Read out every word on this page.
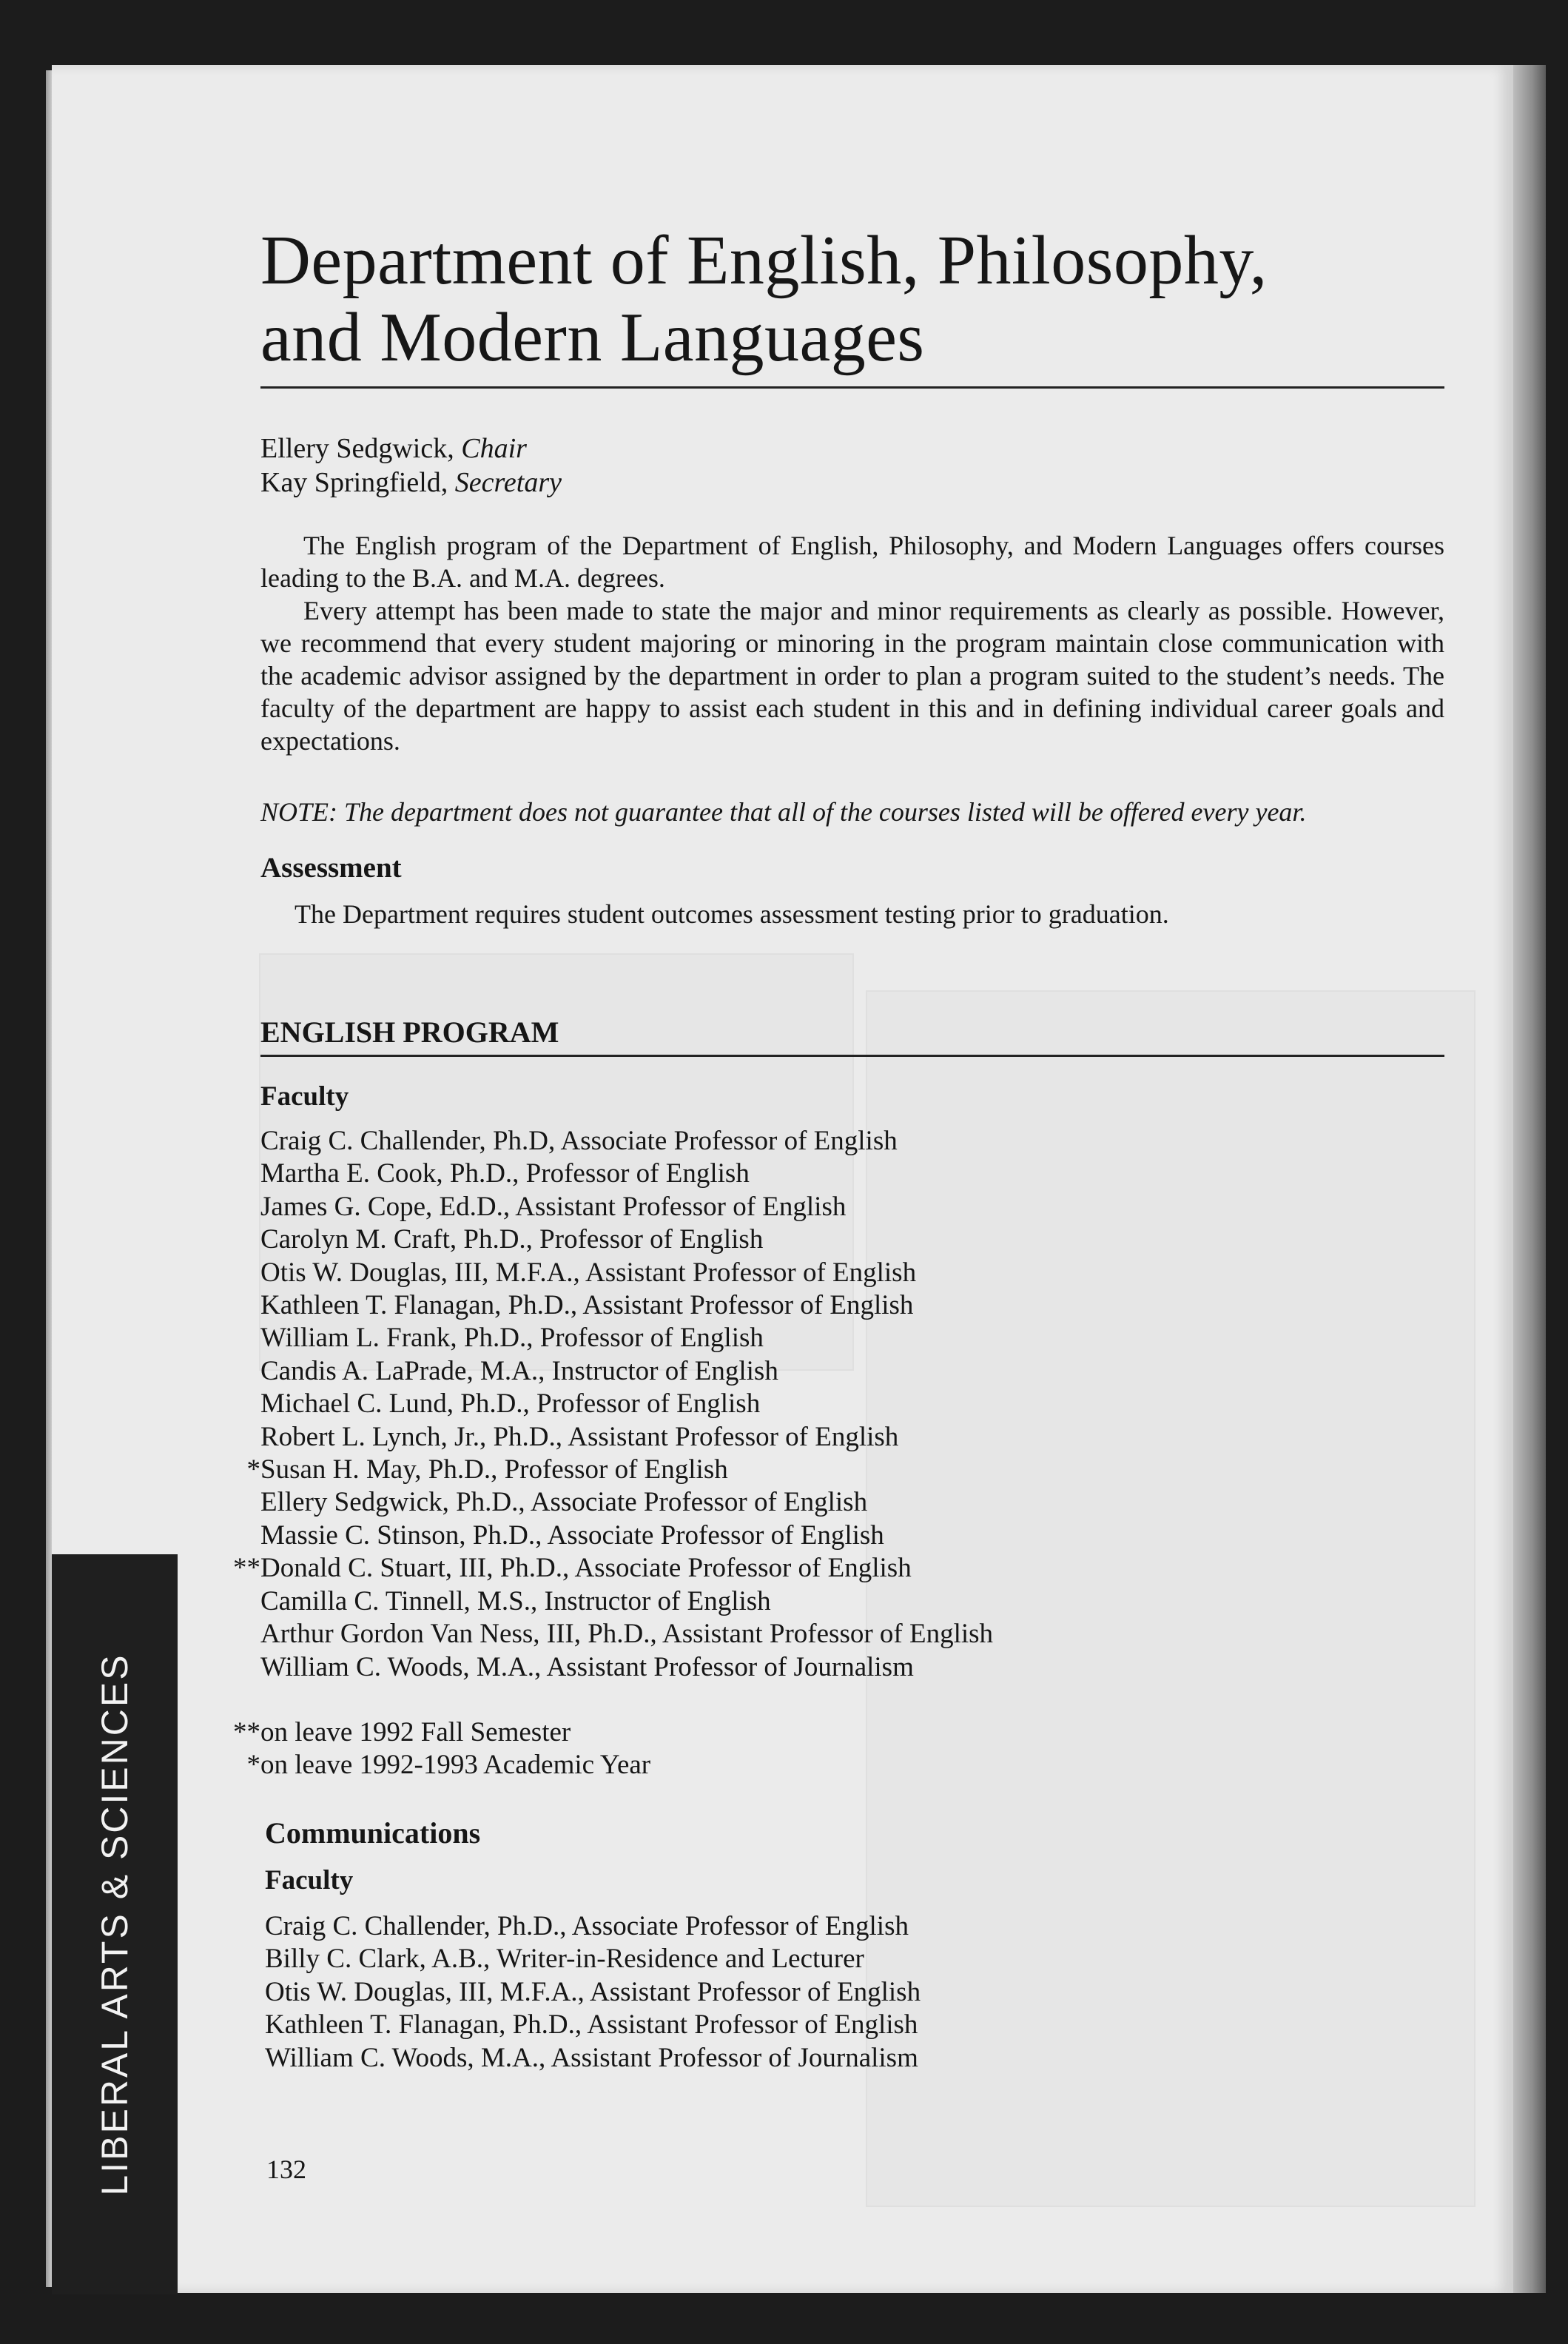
LIBERAL ARTS & SCIENCES
Department of English, Philosophy,
and Modern Languages
Ellery Sedgwick, Chair
Kay Springfield, Secretary

The English program of the Department of English, Philosophy, and Modern Languages offers courses leading to the B.A. and M.A. degrees.

Every attempt has been made to state the major and minor requirements as clearly as possible. However, we recommend that every student majoring or minoring in the program maintain close communication with the academic advisor assigned by the department in order to plan a program suited to the student’s needs. The faculty of the department are happy to assist each student in this and in defining individual career goals and expectations.

NOTE: The department does not guarantee that all of the courses listed will be offered every year.
Assessment
The Department requires student outcomes assessment testing prior to graduation.
ENGLISH PROGRAM
Faculty
Craig C. Challender, Ph.D, Associate Professor of English
Martha E. Cook, Ph.D., Professor of English
James G. Cope, Ed.D., Assistant Professor of English
Carolyn M. Craft, Ph.D., Professor of English
Otis W. Douglas, III, M.F.A., Assistant Professor of English
Kathleen T. Flanagan, Ph.D., Assistant Professor of English
William L. Frank, Ph.D., Professor of English
Candis A. LaPrade, M.A., Instructor of English
Michael C. Lund, Ph.D., Professor of English
Robert L. Lynch, Jr., Ph.D., Assistant Professor of English
* Susan H. May, Ph.D., Professor of English
Ellery Sedgwick, Ph.D., Associate Professor of English
Massie C. Stinson, Ph.D., Associate Professor of English
** Donald C. Stuart, III, Ph.D., Associate Professor of English
Camilla C. Tinnell, M.S., Instructor of English
Arthur Gordon Van Ness, III, Ph.D., Assistant Professor of English
William C. Woods, M.A., Assistant Professor of Journalism
** on leave 1992 Fall Semester
* on leave 1992-1993 Academic Year
Communications
Faculty
Craig C. Challender, Ph.D., Associate Professor of English
Billy C. Clark, A.B., Writer-in-Residence and Lecturer
Otis W. Douglas, III, M.F.A., Assistant Professor of English
Kathleen T. Flanagan, Ph.D., Assistant Professor of English
William C. Woods, M.A., Assistant Professor of Journalism
132
